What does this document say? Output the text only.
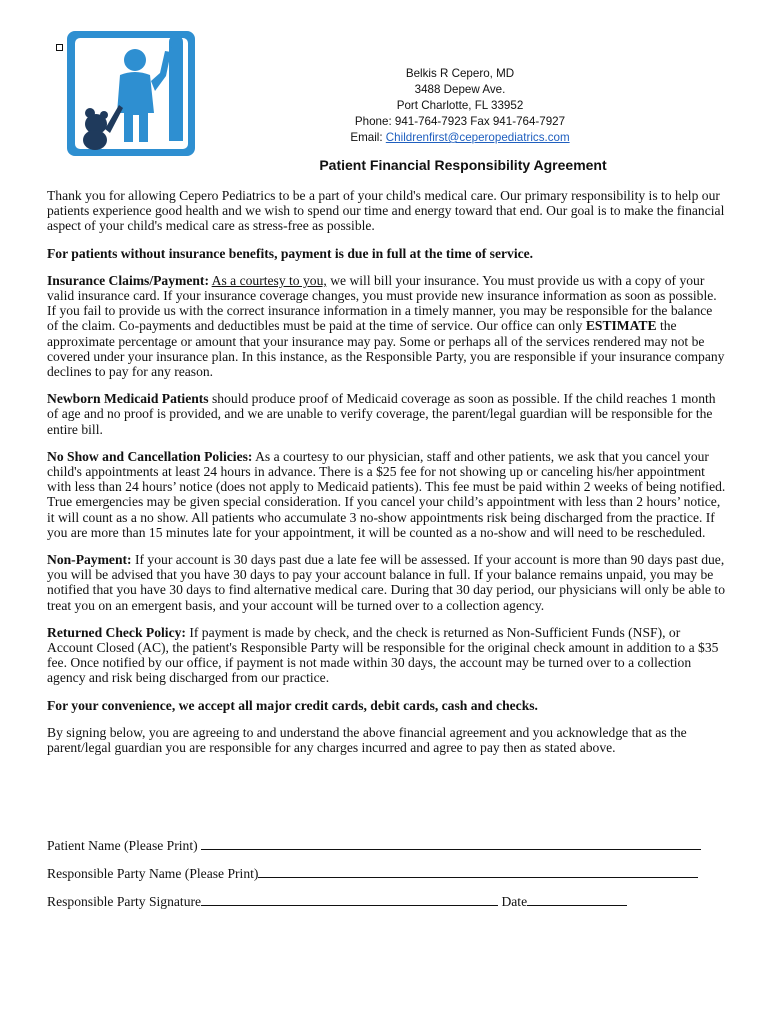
Belkis R Cepero, MD
3488 Depew Ave.
Port Charlotte, FL 33952
Phone: 941-764-7923 Fax 941-764-7927
Email: Childrenfirst@ceperopediatrics.com
Patient Financial Responsibility Agreement

Thank you for allowing Cepero Pediatrics to be a part of your child's medical care. Our primary responsibility is to help our patients experience good health and we wish to spend our time and energy toward that end. Our goal is to make the financial aspect of your child's medical care as stress-free as possible.

For patients without insurance benefits, payment is due in full at the time of service.

Insurance Claims/Payment: As a courtesy to you, we will bill your insurance. You must provide us with a copy of your valid insurance card. If your insurance coverage changes, you must provide new insurance information as soon as possible. If you fail to provide us with the correct insurance information in a timely manner, you may be responsible for the balance of the claim. Co-payments and deductibles must be paid at the time of service. Our office can only ESTIMATE the approximate percentage or amount that your insurance may pay. Some or perhaps all of the services rendered may not be covered under your insurance plan. In this instance, as the Responsible Party, you are responsible if your insurance company declines to pay for any reason.

Newborn Medicaid Patients should produce proof of Medicaid coverage as soon as possible. If the child reaches 1 month of age and no proof is provided, and we are unable to verify coverage, the parent/legal guardian will be responsible for the entire bill.

No Show and Cancellation Policies: As a courtesy to our physician, staff and other patients, we ask that you cancel your child's appointments at least 24 hours in advance. There is a $25 fee for not showing up or canceling his/her appointment with less than 24 hours’ notice (does not apply to Medicaid patients). This fee must be paid within 2 weeks of being notified. True emergencies may be given special consideration. If you cancel your child’s appointment with less than 2 hours’ notice, it will count as a no show. All patients who accumulate 3 no-show appointments risk being discharged from the practice. If you are more than 15 minutes late for your appointment, it will be counted as a no-show and will need to be rescheduled.

Non-Payment: If your account is 30 days past due a late fee will be assessed. If your account is more than 90 days past due, you will be advised that you have 30 days to pay your account balance in full. If your balance remains unpaid, you may be notified that you have 30 days to find alternative medical care. During that 30 day period, our physicians will only be able to treat you on an emergent basis, and your account will be turned over to a collection agency.

Returned Check Policy: If payment is made by check, and the check is returned as Non-Sufficient Funds (NSF), or Account Closed (AC), the patient's Responsible Party will be responsible for the original check amount in addition to a $35 fee. Once notified by our office, if payment is not made within 30 days, the account may be turned over to a collection agency and risk being discharged from our practice.

For your convenience, we accept all major credit cards, debit cards, cash and checks.

By signing below, you are agreeing to and understand the above financial agreement and you acknowledge that as the parent/legal guardian you are responsible for any charges incurred and agree to pay then as stated above.

Patient Name (Please Print)
Responsible Party Name (Please Print)
Responsible Party Signature	Date
